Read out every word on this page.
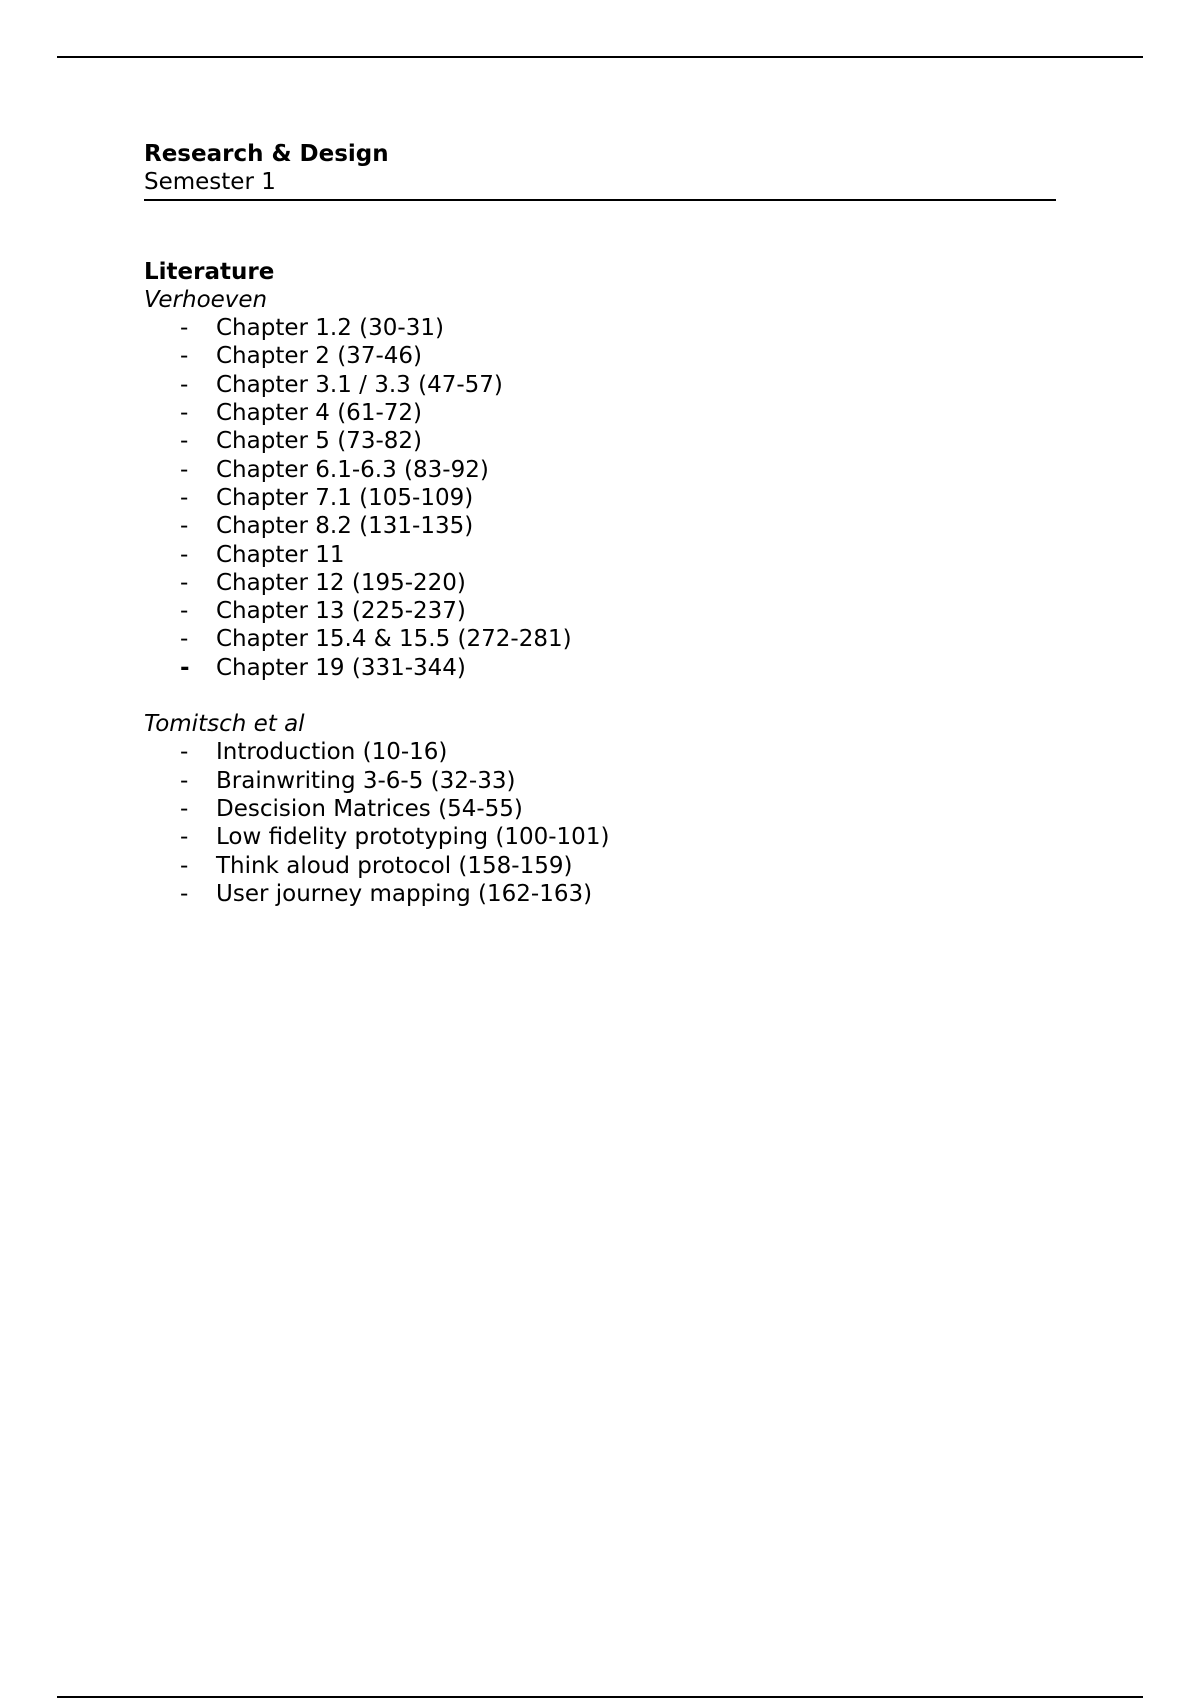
Research & Design
Semester 1
Literature
Verhoeven
- Chapter 1.2 (30-31)
- Chapter 2 (37-46)
- Chapter 3.1 / 3.3 (47-57)
- Chapter 4 (61-72)
- Chapter 5 (73-82)
- Chapter 6.1-6.3 (83-92)
- Chapter 7.1 (105-109)
- Chapter 8.2 (131-135)
- Chapter 11
- Chapter 12 (195-220)
- Chapter 13 (225-237)
- Chapter 15.4 & 15.5 (272-281)
- Chapter 19 (331-344)
Tomitsch et al
- Introduction (10-16)
- Brainwriting 3-6-5 (32-33)
- Descision Matrices (54-55)
- Low fidelity prototyping (100-101)
- Think aloud protocol (158-159)
- User journey mapping (162-163)
